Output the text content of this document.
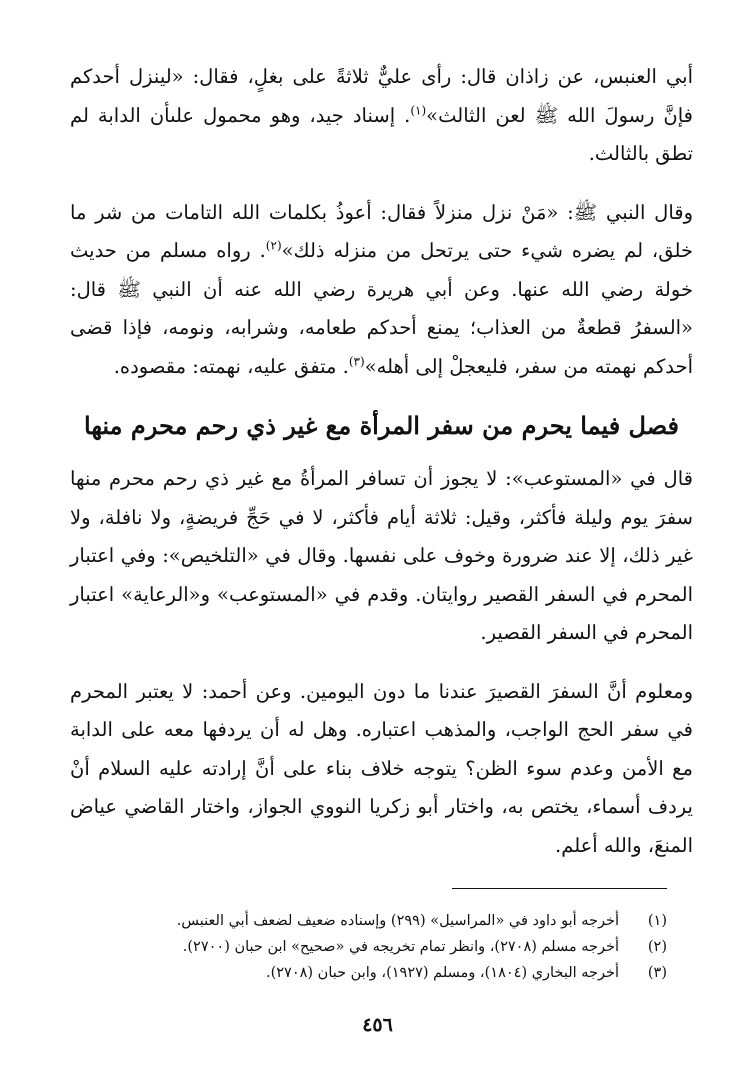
أبي العنبس، عن زاذان قال: رأى عليٌّ ثلاثةً على بغلٍ، فقال: «لينزل أحدكم فإنَّ رسولَ الله ﷺ لعن الثالث»$^{(١)}$. إسناد جيد، وهو محمول علىأن الدابة لم تطق بالثالث.

وقال النبي ﷺ: «مَنْ نزل منزلاً فقال: أعوذُ بكلمات الله التامات من شر ما خلق، لم يضره شيء حتى يرتحل من منزله ذلك»$^{(٢)}$. رواه مسلم من حديث خولة رضي الله عنها. وعن أبي هريرة رضي الله عنه أن النبي ﷺ قال: «السفرُ قطعةٌ من العذاب؛ يمنع أحدكم طعامه، وشرابه، ونومه، فإذا قضى أحدكم نهمته من سفر، فليعجلْ إلى أهله»$^{(٣)}$. متفق عليه، نهمته: مقصوده.

فصل فيما يحرم من سفر المرأة مع غير ذي رحم محرم منها

قال في «المستوعب»: لا يجوز أن تسافر المرأةُ مع غير ذي رحم محرم منها سفرَ يوم وليلة فأكثر، وقيل: ثلاثة أيام فأكثر، لا في حَجِّ فريضةٍ، ولا نافلة، ولا غير ذلك، إلا عند ضرورة وخوف على نفسها. وقال في «التلخيص»: وفي اعتبار المحرم في السفر القصير روايتان. وقدم في «المستوعب» و«الرعاية» اعتبار المحرم في السفر القصير.

ومعلوم أنَّ السفرَ القصيرَ عندنا ما دون اليومين. وعن أحمد: لا يعتبر المحرم في سفر الحج الواجب، والمذهب اعتباره. وهل له أن يردفها معه على الدابة مع الأمن وعدم سوء الظن؟ يتوجه خلاف بناء على أنَّ إرادته عليه السلام أنْ يردف أسماء، يختص به، واختار أبو زكريا النووي الجواز، واختار القاضي عياض المنعَ، والله أعلم.

(١)
أخرجه أبو داود في «المراسيل» (٢٩٩) وإسناده ضعيف لضعف أبي العنبس.
(٢)
أخرجه مسلم (٢٧٠٨)، وانظر تمام تخريجه في «صحيح» ابن حبان (٢٧٠٠).
(٣)
أخرجه البخاري (١٨٠٤)، ومسلم (١٩٢٧)، وابن حبان (٢٧٠٨).
٤٥٦
